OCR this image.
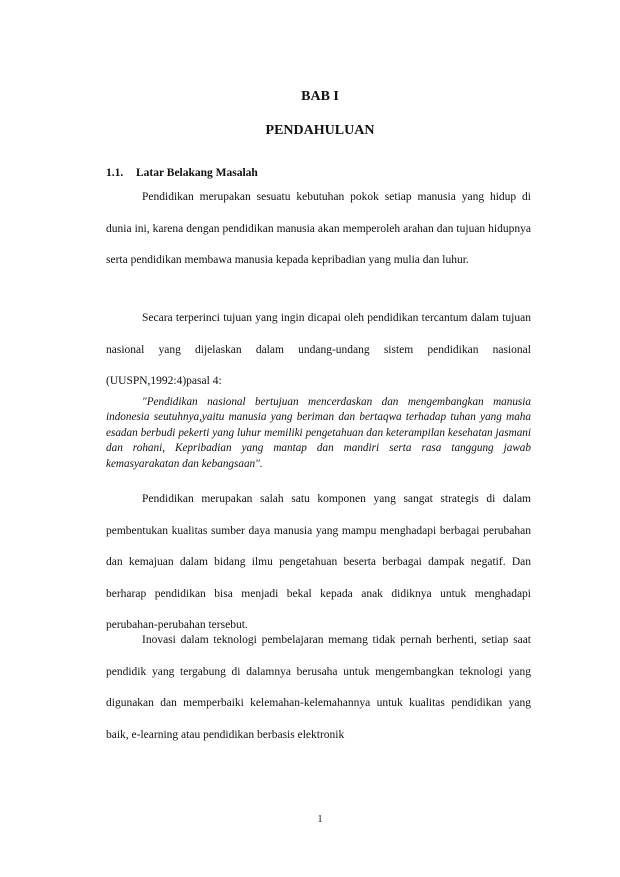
BAB I
PENDAHULUAN
1.1. Latar Belakang Masalah

Pendidikan merupakan sesuatu kebutuhan pokok setiap manusia yang hidup di dunia ini, karena dengan pendidikan manusia akan memperoleh arahan dan tujuan hidupnya serta pendidikan membawa manusia kepada kepribadian yang mulia dan luhur.

Secara terperinci tujuan yang ingin dicapai oleh pendidikan tercantum dalam tujuan nasional yang dijelaskan dalam undang-undang sistem pendidikan nasional (UUSPN,1992:4)pasal 4:

"Pendidikan nasional bertujuan mencerdaskan dan mengembangkan manusia indonesia seutuhnya,yaitu manusia yang beriman dan bertaqwa terhadap tuhan yang maha esadan berbudi pekerti yang luhur memiliki pengetahuan dan keterampilan kesehatan jasmani dan rohani, Kepribadian yang mantap dan mandiri serta rasa tanggung jawab kemasyarakatan dan kebangsaan".

Pendidikan merupakan salah satu komponen yang sangat strategis di dalam pembentukan kualitas sumber daya manusia yang mampu menghadapi berbagai perubahan dan kemajuan dalam bidang ilmu pengetahuan beserta berbagai dampak negatif. Dan berharap pendidikan bisa menjadi bekal kepada anak didiknya untuk menghadapi perubahan-perubahan tersebut.

Inovasi dalam teknologi pembelajaran memang tidak pernah berhenti, setiap saat pendidik yang tergabung di dalamnya berusaha untuk mengembangkan teknologi yang digunakan dan memperbaiki kelemahan-kelemahannya untuk kualitas pendidikan yang baik, e-learning atau pendidikan berbasis elektronik

1
